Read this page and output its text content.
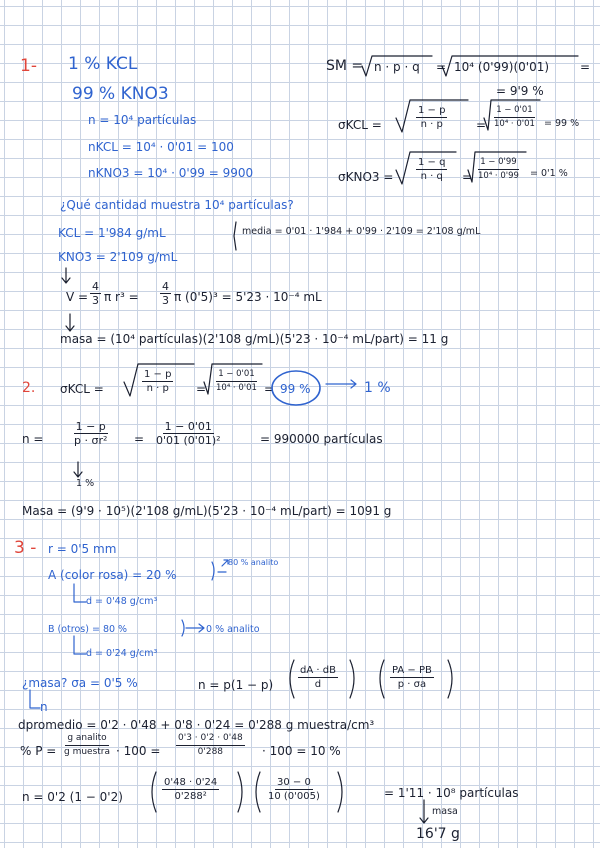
1- 1 % KCL
99 % KNO3
n = 10⁴ partículas
nKCL = 10⁴ · 0'01 = 100
nKNO3 = 10⁴ · 0'99 = 9900
SM = n · p · q = 10⁴ (0'99)(0'01)	=
= 9'9 %
σKCL =	$\frac{1 - p}{n \cdot p} = \frac{1 - 0'01}{\text{10⁴ · 0'01}} = 99$ %
$\sigma KNO3 = \frac{1 - q}{n \cdot q} = \frac{1 - 0'99}{\text{10⁴ · 0'99}} = 0'1$ %
¿Qué cantidad muestra 10⁴ partículas?
KCL = 1'984 g/mL
KNO3 = 2'109 g/mL
media = 0'01 · 1'984 + 0'99 · 2'109 = 2'108 g/mL
$V = \frac{4}{3}$ π $r^3 = \frac{4}{3}$ π (0'5)³ = 5'23 · 10⁻⁴ mL
masa = (10⁴ partículas)(2'108 g/mL)(5'23 · 10⁻⁴ mL/part) = 11 g
2. σKCL =	$\frac{1 - p}{n \cdot p} = \frac{1 - 0'01}{\text{10⁴ · 0'01}} = 99$ %	1 %
n =	$\frac{1 - p}{\text{p · σr²}} = \frac{1 - 0'01}{\text{0'01 (0'01)²}}$	= 990000 partículas
1 %
Masa = (9'9 · 10⁵)(2'108 g/mL)(5'23 · 10⁻⁴ mL/part) = 1091 g
3 - r = 0'5 mm
A (color rosa) = 20 %
80 % analito
d = 0'48 g/cm³
B (otros) = 80 %	0 % analito
d = 0'24 g/cm³
¿masa? σa = 0'5 %
n
$n = p(1 - p) \frac{dA \cdot dB}{d}$	$\frac{PA - PB}{p \cdot \sigma a}$
dpromedio = 0'2 · 0'48 + 0'8 · 0'24 = 0'288 g muestra/cm³
% P =
g analito
g muestra · $100 = \frac{0'3 \cdot 0'2 \cdot 0'48}{0'288} \cdot 100 = 10$ %
n = 0'2 (1 − 0'2)	$\frac{0'48 \cdot 0'24}{\text{0'288²}}$	$\frac{30 - 0}{10 (0'005)}$	= 1'11 · 10⁸ partículas
masa
16'7 g
